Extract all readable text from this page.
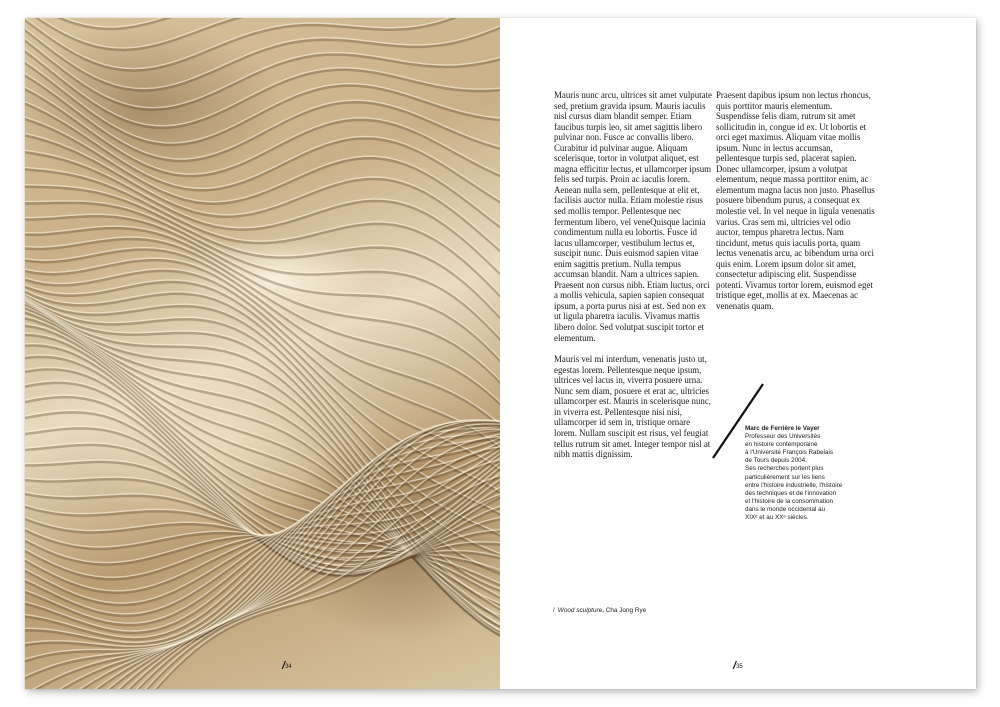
/34

Mauris nunc arcu, ultrices sit amet vulputate sed, pretium gravida ipsum. Mauris iaculis nisl cursus diam blandit semper. Etiam faucibus turpis leo, sit amet sagittis libero pulvinar non. Fusce ac convallis libero. Curabitur id pulvinar augue. Aliquam scelerisque, tortor in volutpat aliquet, est magna efficitur lectus, et ullamcorper ipsum felis sed turpis. Proin ac iaculis lorem. Aenean nulla sem, pellentesque at elit et, facilisis auctor nulla. Etiam molestie risus sed mollis tempor. Pellentesque nec fermentum libero, vel veneQuisque lacinia condimentum nulla eu lobortis. Fusce id lacus ullamcorper, vestibulum lectus et, suscipit nunc. Duis euismod sapien vitae enim sagittis pretium. Nulla tempus accumsan blandit. Nam a ultrices sapien. Praesent non cursus nibh. Etiam luctus, orci a mollis vehicula, sapien sapien consequat ipsum, a porta purus nisi at est. Sed non ex ut ligula pharetra iaculis. Vivamus mattis libero dolor. Sed volutpat suscipit tortor et elementum.

Mauris vel mi interdum, venenatis justo ut, egestas lorem. Pellentesque neque ipsum, ultrices vel lacus in, viverra posuere urna. Nunc sem diam, posuere et erat ac, ultricies ullamcorper est. Mauris in scelerisque nunc, in viverra est. Pellentesque nisi nisi, ullamcorper id sem in, tristique ornare lorem. Nullam suscipit est risus, vel feugiat tellus rutrum sit amet. Integer tempor nisl at nibh mattis dignissim.

Praesent dapibus ipsum non lectus rhoncus, quis porttitor mauris elementum. Suspendisse felis diam, rutrum sit amet sollicitudin in, congue id ex. Ut lobortis et orci eget maximus. Aliquam vitae mollis ipsum. Nunc in lectus accumsan, pellentesque turpis sed, placerat sapien. Donec ullamcorper, ipsum a volutpat elementum, neque massa porttitor enim, ac elementum magna lacus non justo. Phasellus posuere bibendum purus, a consequat ex molestie vel. In vel neque in ligula venenatis varius. Cras sem mi, ultricies vel odio auctor, tempus pharetra lectus. Nam tincidunt, metus quis iaculis porta, quam lectus venenatis arcu, ac bibendum urna orci quis enim. Lorem ipsum dolor sit amet, consectetur adipiscing elit. Suspendisse potenti. Vivamus tortor lorem, euismod eget tristique eget, mollis at ex. Maecenas ac venenatis quam.

/35
Marc de Ferrière le Vayer
Professeur des Universités
en histoire contemporaine
à l'Université François Rabelais
de Tours depuis 2004.
Ses recherches portent plus
particulièrement sur les liens
entre l'histoire industrielle, l'histoire
des techniques et de l'innovation
et l'histoire de la consommation
dans le monde occidental au
XIXᵉ et au XXᵉ siècles.
/ Wood sculpture, Cha Jong Rye
